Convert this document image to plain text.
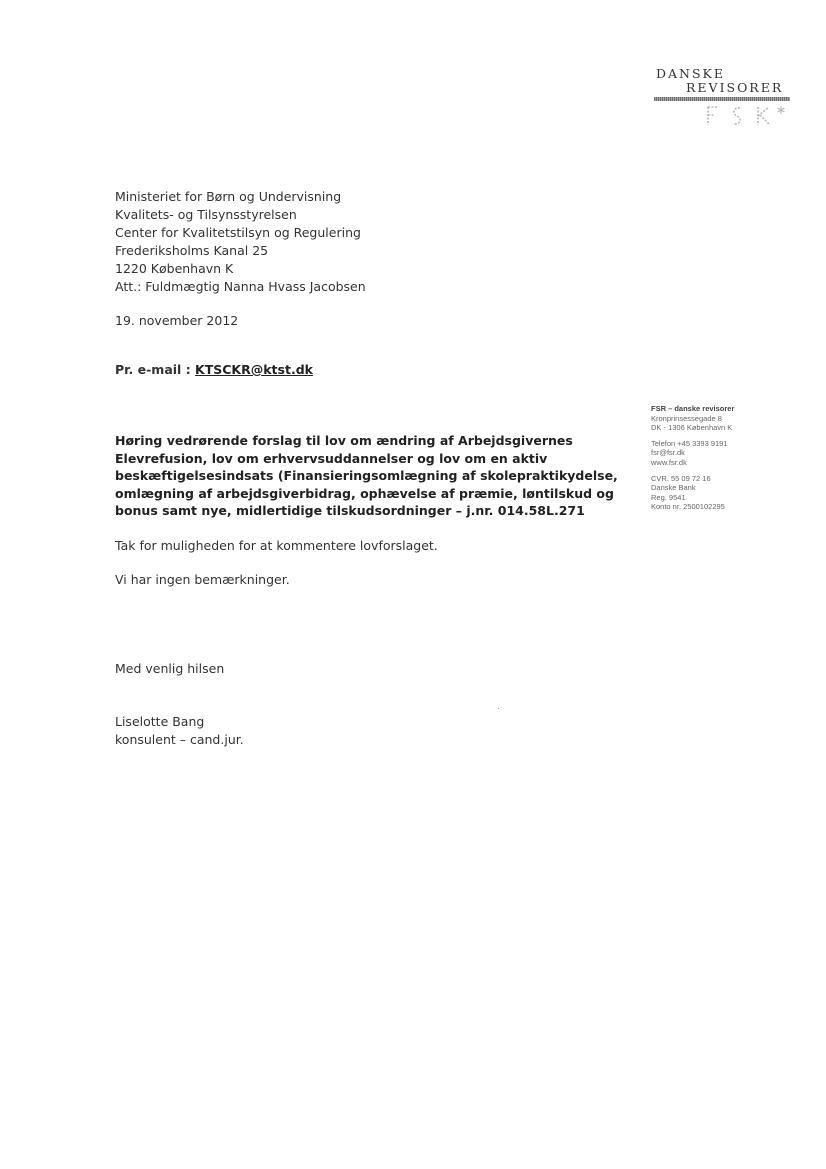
DANSKE
REVISORER
Ministeriet for Børn og Undervisning
Kvalitets- og Tilsynsstyrelsen
Center for Kvalitetstilsyn og Regulering
Frederiksholms Kanal 25
1220 København K
Att.: Fuldmægtig Nanna Hvass Jacobsen
19. november 2012
Pr. e-mail : KTSCKR@ktst.dk
FSR – danske revisorer
Kronprinsessegade 8
DK - 1306 København K
Telefon +45 3393 9191
fsr@fsr.dk
www.fsr.dk
CVR. 55 09 72 16
Danske Bank
Reg. 9541
Konto nr. 2500102295
Høring vedrørende forslag til lov om ændring af Arbejdsgivernes
Elevrefusion, lov om erhvervsuddannelser og lov om en aktiv
beskæftigelsesindsats (Finansieringsomlægning af skolepraktikydelse,
omlægning af arbejdsgiverbidrag, ophævelse af præmie, løntilskud og
bonus samt nye, midlertidige tilskudsordninger – j.nr. 014.58L.271
Tak for muligheden for at kommentere lovforslaget.
Vi har ingen bemærkninger.
Med venlig hilsen
Liselotte Bang
konsulent – cand.jur.
